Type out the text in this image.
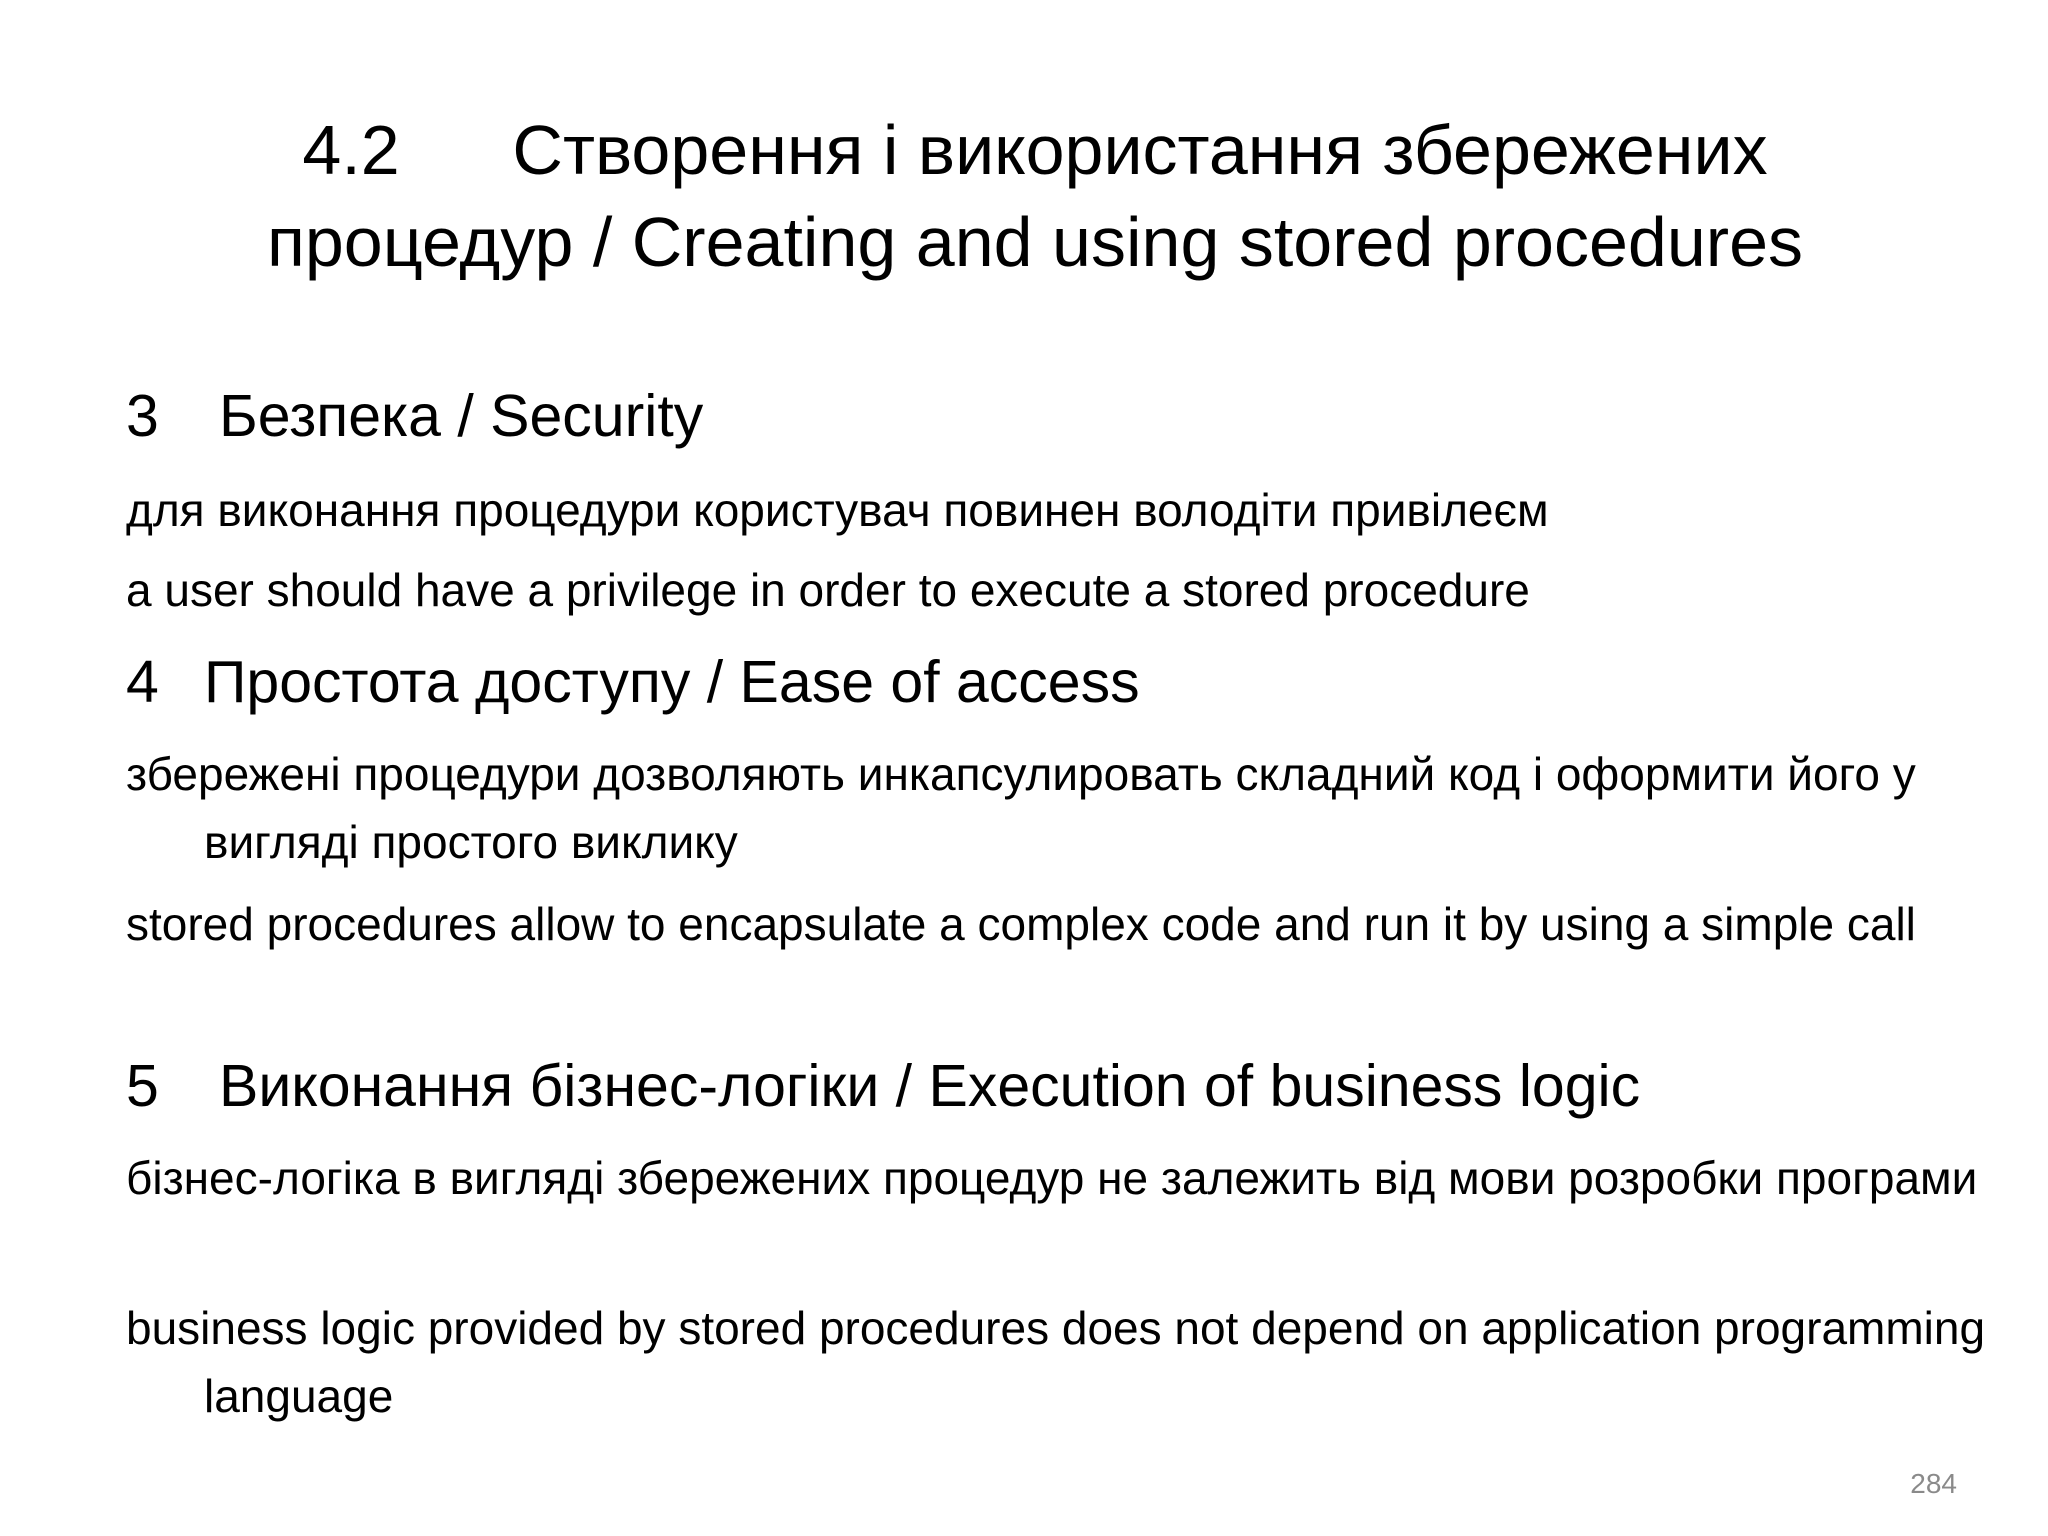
4.2 Створення і використання збережених
процедур / Creating and using stored procedures
3 Безпека / Security

для виконання процедури користувач повинен володіти привілеєм

a user should have a privilege in order to execute a stored procedure

4 Простота доступу / Ease of access

збережені процедури дозволяють инкапсулировать складний код і оформити його у вигляді простого виклику

stored procedures allow to encapsulate a complex code and run it by using a simple call

5 Виконання бізнес-логіки / Execution of business logic

бізнес-логіка в вигляді збережених процедур не залежить від мови розробки програми

business logic provided by stored procedures does not depend on application programming language

284
